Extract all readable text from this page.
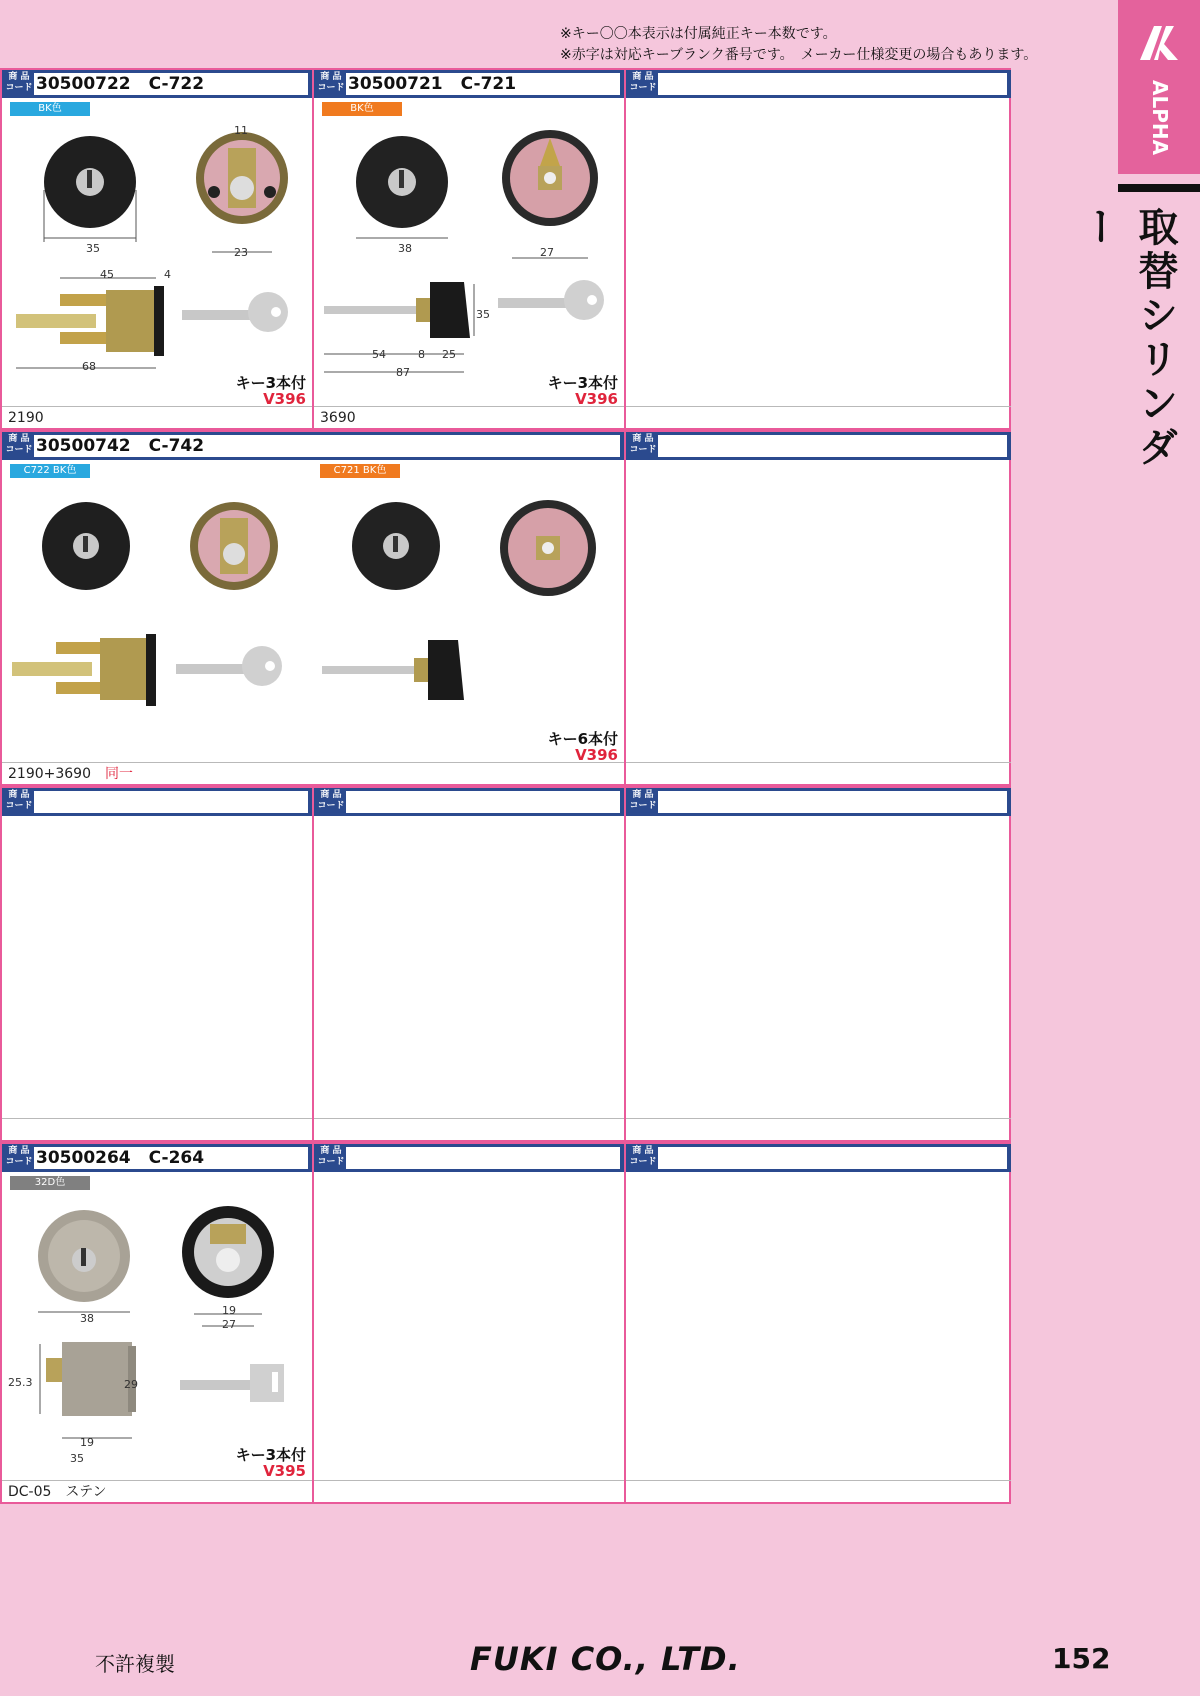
※キー〇〇本表示は付属純正キー本数です。
※赤字は対応キーブランク番号です。　メーカー仕様変更の場合もあります。
ALPHA
取替シリンダー
商 品
コード 30500722 C-722
BK色
35
11
23
45	4
68
キー3本付
V396
2190
商 品
コード 30500721 C-721
BK色
38	27
35
54	8 25
87
キー3本付
V396
3690
商 品
コード
商 品
コード 30500742 C-742
C722 BK色	C721 BK色
キー6本付
V396
2190+3690 同一
商 品
コード
商 品
コード
商 品
コード
商 品
コード
商 品
コード 30500264 C-264
32D色
38
19
27
25.3	29
19
35	キー3本付
V395
DC-05　ステン
商 品
コード
商 品
コード
不許複製	FUKI CO., LTD.	152
